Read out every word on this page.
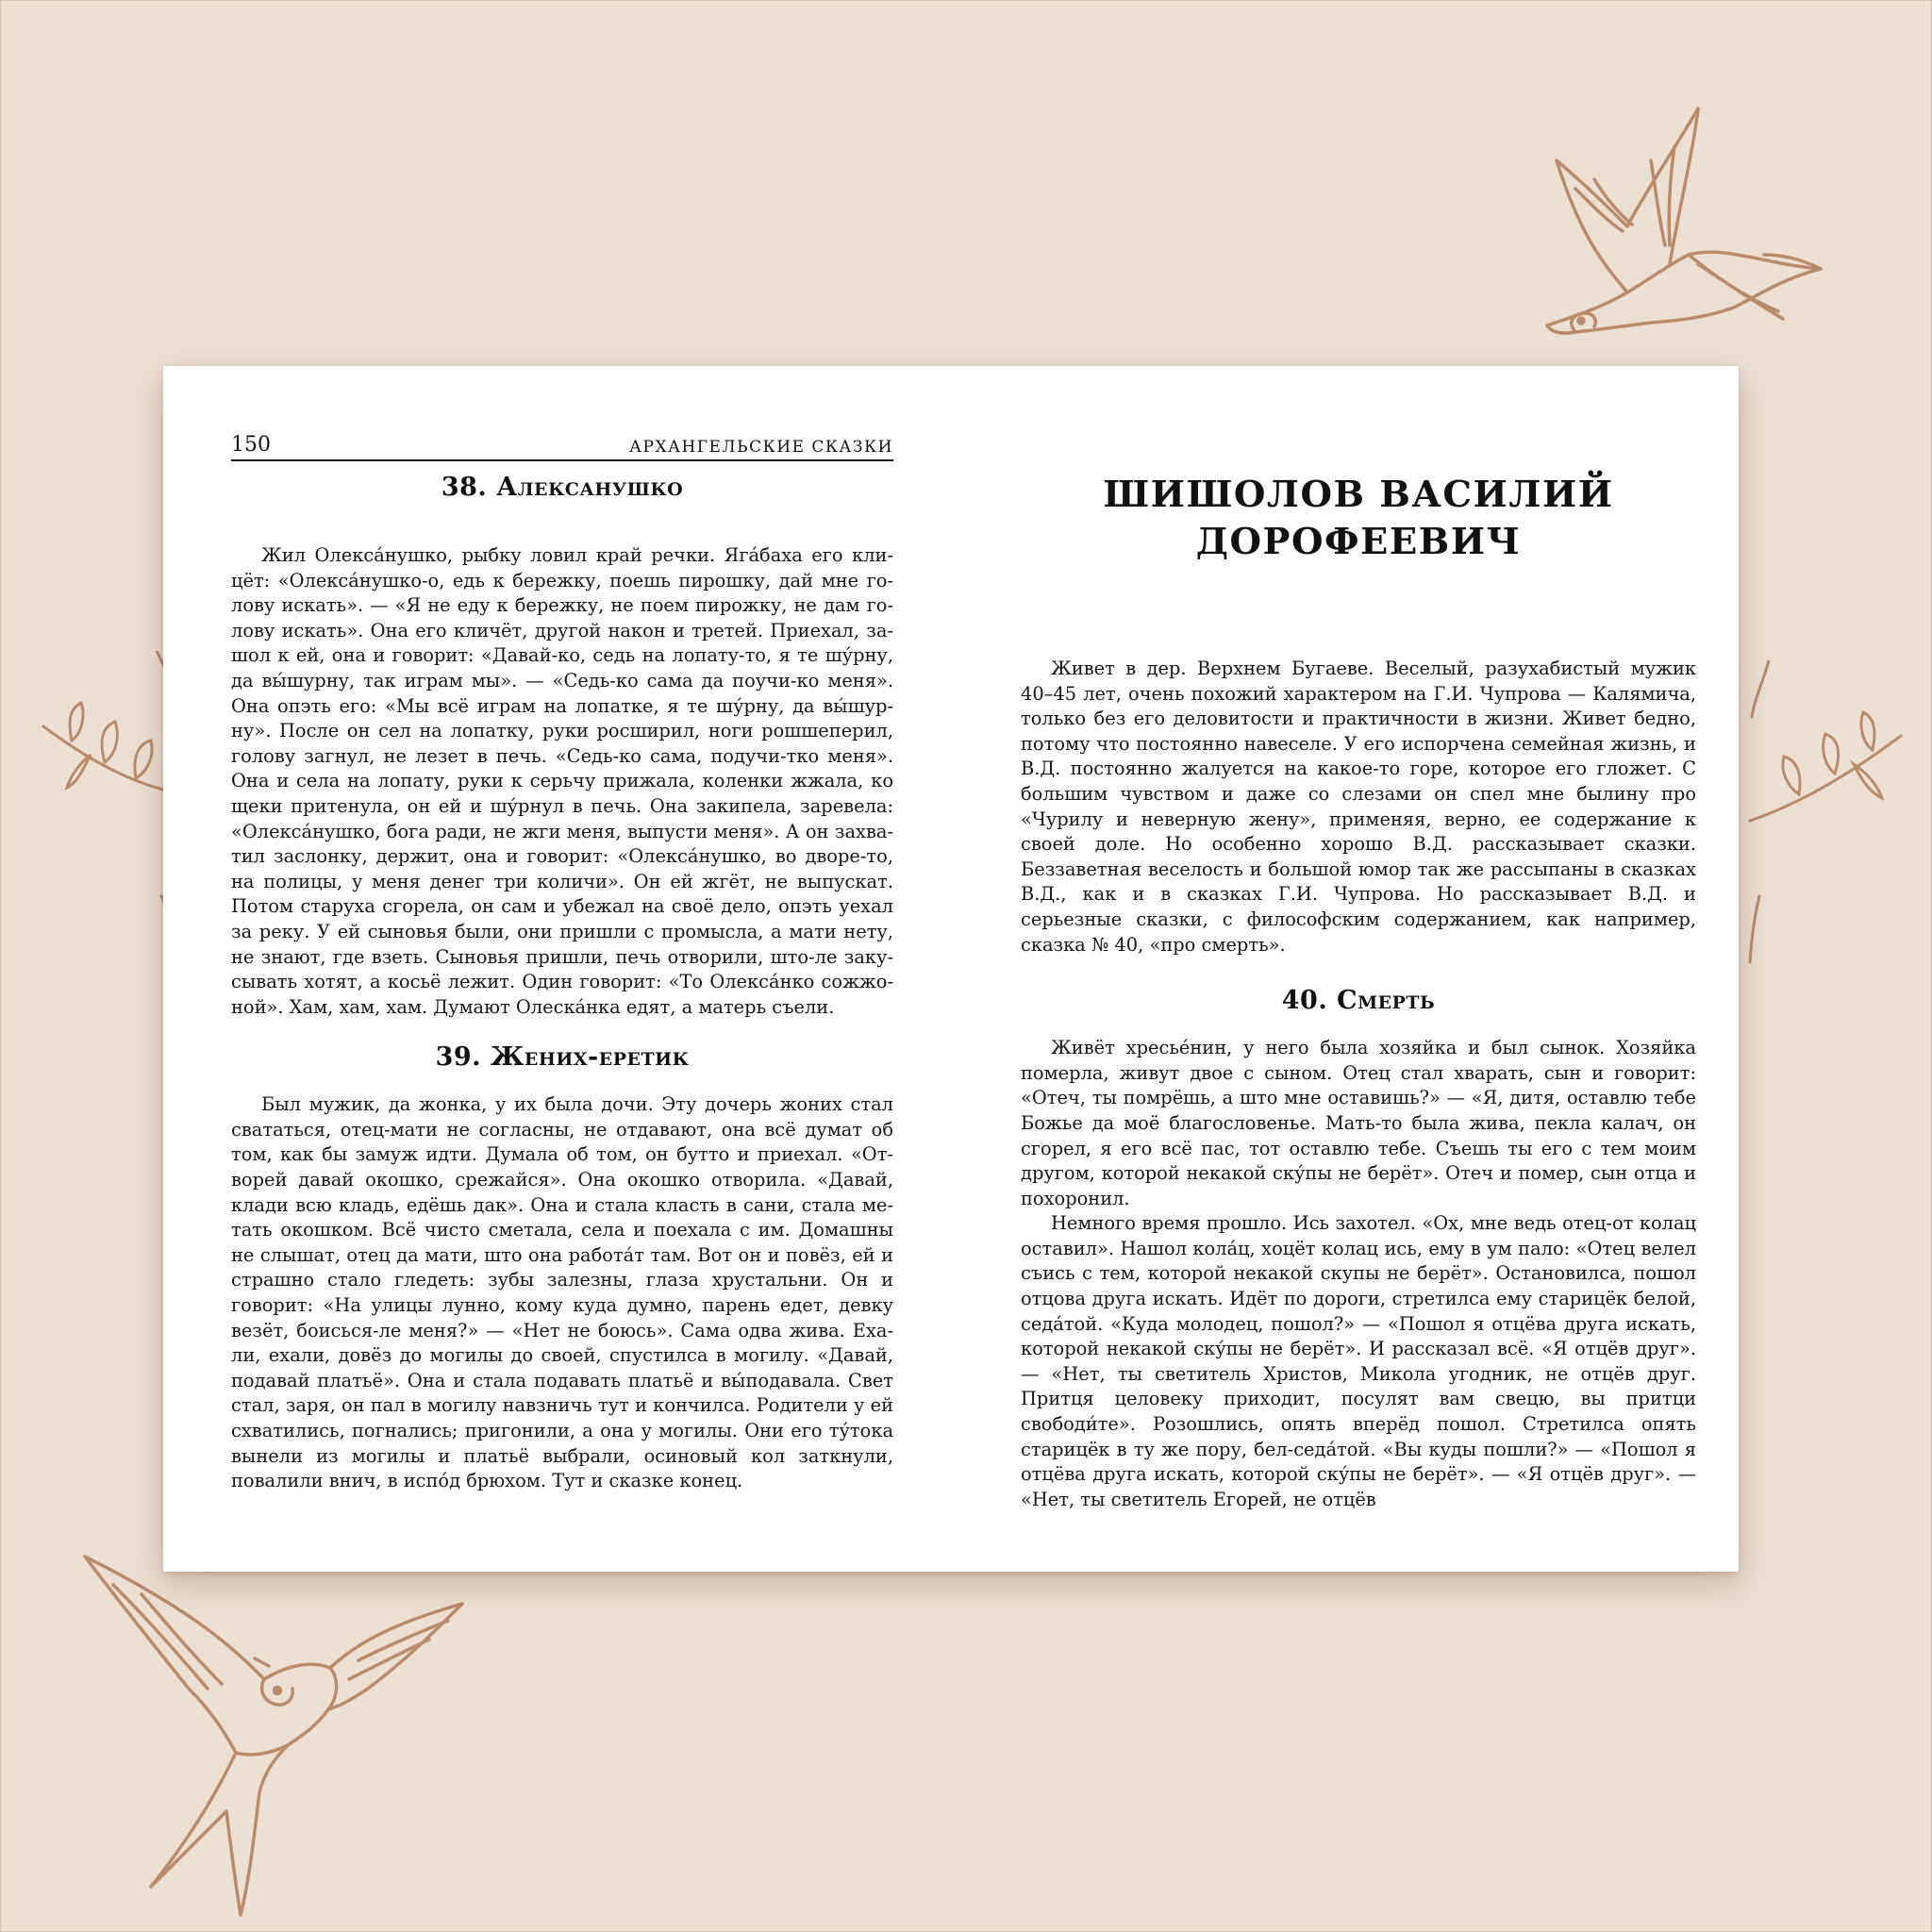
150	АРХАНГЕЛЬСКИЕ СКАЗКИ
38. Алексанушко

Жил Олекса́нушко, рыбку ловил край речки. Яга́баха его клицёт: «Олекса́нушко-о, едь к бережку, поешь пирошку, дай мне голову искать». — «Я не еду к бережку, не поем пирожку, не дам голову искать». Она его кличёт, другой након и третей. Приехал, зашол к ей, она и говорит: «Давай-ко, седь на лопату-то, я те шу́рну, да вы́шурну, так играм мы». — «Седь-ко сама да поучи-ко меня». Она опэть его: «Мы всё играм на лопатке, я те шу́рну, да вы́шурну». После он сел на лопатку, руки росширил, ноги рошшеперил, голову загнул, не лезет в печь. «Седь-ко сама, подучи-тко меня». Она и села на лопату, руки к серьчу прижала, коленки жжала, ко щеки притенула, он ей и шу́рнул в печь. Она закипела, заревела: «Олекса́нушко, бога ради, не жги меня, выпусти меня». А он захватил заслонку, держит, она и говорит: «Олекса́нушко, во дворе-то, на полицы, у меня денег три количи». Он ей жгёт, не выпускат. Потом старуха сгорела, он сам и убежал на своё дело, опэть уехал за реку. У ей сыновья были, они пришли с промысла, а мати нету, не знают, где взеть. Сыновья пришли, печь отворили, што-ле закусывать хотят, а косьё лежит. Один говорит: «То Олекса́нко сожжоной». Хам, хам, хам. Думают Олеска́нка едят, а матерь съели.

39. Жених-еретик

Был мужик, да жонка, у их была дочи. Эту дочерь жоних стал свататься, отец-мати не согласны, не отдавают, она всё думат об том, как бы замуж идти. Думала об том, он бутто и приехал. «Отворей давай окошко, срежайся». Она окошко отворила. «Давай, клади всю кладь, едёшь дак». Она и стала класть в сани, стала метать окошком. Всё чисто сметала, села и поехала с им. Домашны не слышат, отец да мати, што она работа́т там. Вот он и повёз, ей и страшно стало гледеть: зубы залезны, глаза хрустальни. Он и говорит: «На улицы лунно, кому куда думно, парень едет, девку везёт, боисься-ле меня?» — «Нет не боюсь». Сама одва жива. Ехали, ехали, довёз до могилы до своей, спустилса в могилу. «Давай, подавай платьё». Она и стала подавать платьё и вы́подавала. Свет стал, заря, он пал в могилу навзничь тут и кончилса. Родители у ей схватились, погнались; пригонили, а она у могилы. Они его ту́тока вынели из могилы и платьё выбрали, осиновый кол заткнули, повалили внич, в испо́д брюхом. Тут и сказке конец.

ШИШОЛОВ ВАСИЛИЙ
ДОРОФЕЕВИЧ

Живет в дер. Верхнем Бугаеве. Веселый, разухабистый мужик 40–45 лет, очень похожий характером на Г.И. Чупрова — Калямича, только без его деловитости и практичности в жизни. Живет бедно, потому что постоянно навеселе. У его испорчена семейная жизнь, и В.Д. постоянно жалуется на какое-то горе, которое его гложет. С большим чувством и даже со слезами он спел мне былину про «Чурилу и неверную жену», применяя, верно, ее содержание к своей доле. Но особенно хорошо В.Д. рассказывает сказки. Беззаветная веселость и большой юмор так же рассыпаны в сказках В.Д., как и в сказках Г.И. Чупрова. Но рассказывает В.Д. и серьезные сказки, с философским содержанием, как например, сказка № 40, «про смерть».

40. Смерть

Живёт хресье́нин, у него была хозяйка и был сынок. Хозяйка померла, живут двое с сыном. Отец стал хварать, сын и говорит: «Отеч, ты помрёшь, а што мне оставишь?» — «Я, дитя, оставлю тебе Божье да моё благословенье. Мать-то была жива, пекла калач, он сгорел, я его всё пас, тот оставлю тебе. Съешь ты его с тем моим другом, которой некакой ску́пы не берёт». Отеч и помер, сын отца и похоронил.

Немного время прошло. Ись захотел. «Ох, мне ведь отец-от колац оставил». Нашол кола́ц, хоцёт колац ись, ему в ум пало: «Отец велел съись с тем, которой некакой скупы не берёт». Остановилса, пошол отцова друга искать. Идёт по дороги, стретилса ему старицёк белой, седа́той. «Куда молодец, пошол?» — «Пошол я отцёва друга искать, которой некакой ску́пы не берёт». И рассказал всё. «Я отцёв друг». — «Нет, ты светитель Христов, Микола угодник, не отцёв друг. Притця целовеку приходит, посулят вам свецю, вы притци свободи́те». Розошлись, опять вперёд пошол. Стретилса опять старицёк в ту же пору, бел-седа́той. «Вы куды пошли?» — «Пошол я отцёва друга искать, которой ску́пы не берёт». — «Я отцёв друг». — «Нет, ты светитель Егорей, не отцёв
